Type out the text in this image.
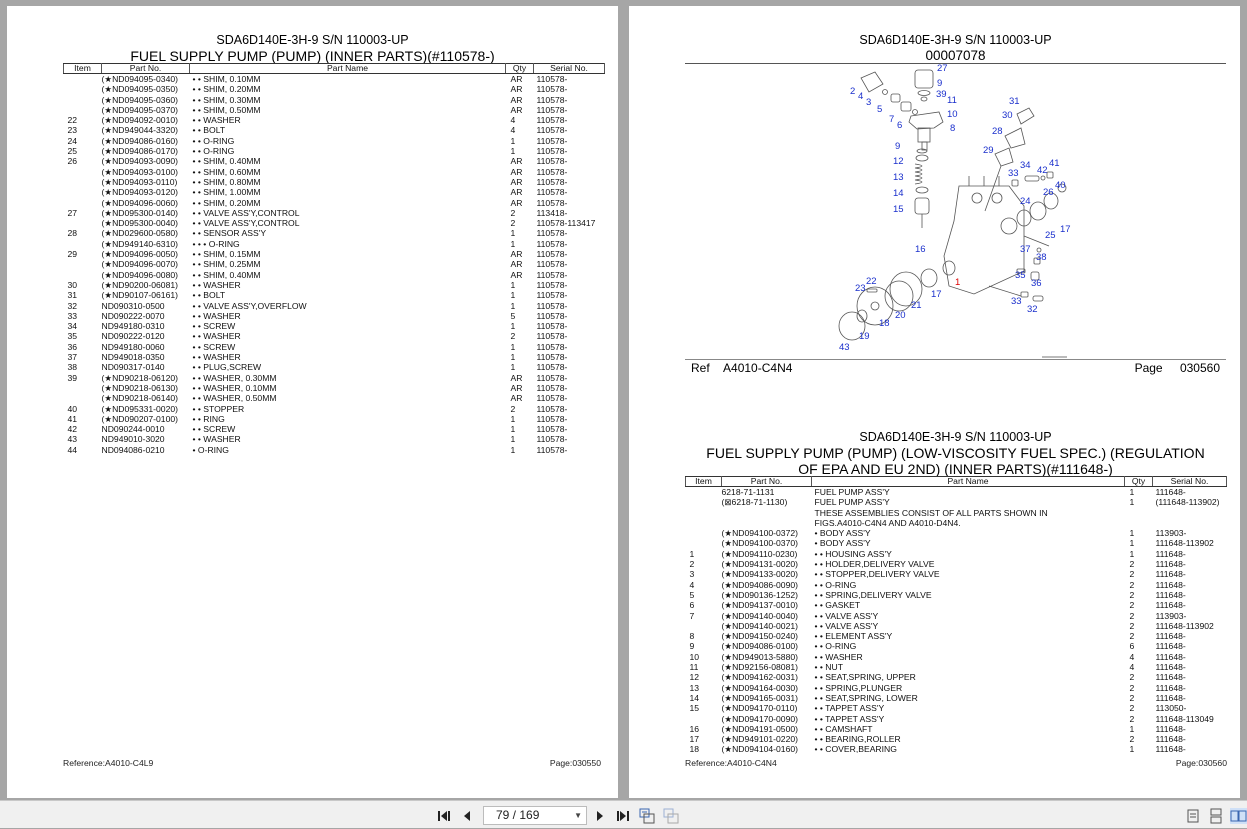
SDA6D140E-3H-9 S/N 110003-UP
FUEL SUPPLY PUMP (PUMP) (INNER PARTS)(#110578-)
Item	Part No.	Part Name	Qty	Serial No.
	(★ND094095-0340)	• • SHIM, 0.10MM	AR	110578-
	(★ND094095-0350)	• • SHIM, 0.20MM	AR	110578-
	(★ND094095-0360)	• • SHIM, 0.30MM	AR	110578-
	(★ND094095-0370)	• • SHIM, 0.50MM	AR	110578-
22	(★ND094092-0010)	• • WASHER	4	110578-
23	(★ND949044-3320)	• • BOLT	4	110578-
24	(★ND094086-0160)	• • O-RING	1	110578-
25	(★ND094086-0170)	• • O-RING	1	110578-
26	(★ND094093-0090)	• • SHIM, 0.40MM	AR	110578-
	(★ND094093-0100)	• • SHIM, 0.60MM	AR	110578-
	(★ND094093-0110)	• • SHIM, 0.80MM	AR	110578-
	(★ND094093-0120)	• • SHIM, 1.00MM	AR	110578-
	(★ND094096-0060)	• • SHIM, 0.20MM	AR	110578-
27	(★ND095300-0140)	• • VALVE ASS'Y,CONTROL	2	113418-
	(★ND095300-0040)	• • VALVE ASS'Y,CONTROL	2	110578-113417
28	(★ND029600-0580)	• • SENSOR ASS'Y	1	110578-
	(★ND949140-6310)	• • • O-RING	1	110578-
29	(★ND094096-0050)	• • SHIM, 0.15MM	AR	110578-
	(★ND094096-0070)	• • SHIM, 0.25MM	AR	110578-
	(★ND094096-0080)	• • SHIM, 0.40MM	AR	110578-
30	(★ND90200-06081)	• • WASHER	1	110578-
31	(★ND90107-06161)	• • BOLT	1	110578-
32	ND090310-0500	• • VALVE ASS'Y,OVERFLOW	1	110578-
33	ND090222-0070	• • WASHER	5	110578-
34	ND949180-0310	• • SCREW	1	110578-
35	ND090222-0120	• • WASHER	2	110578-
36	ND949180-0060	• • SCREW	1	110578-
37	ND949018-0350	• • WASHER	1	110578-
38	ND090317-0140	• • PLUG,SCREW	1	110578-
39	(★ND90218-06120)	• • WASHER, 0.30MM	AR	110578-
	(★ND90218-06130)	• • WASHER, 0.10MM	AR	110578-
	(★ND90218-06140)	• • WASHER, 0.50MM	AR	110578-
40	(★ND095331-0020)	• • STOPPER	2	110578-
41	(★ND090207-0100)	• • RING	1	110578-
42	ND090244-0010	• • SCREW	1	110578-
43	ND949010-3020	• • WASHER	1	110578-
44	ND094086-0210	• O-RING	1	110578-
Reference:A4010-C4L9	Page:030550
SDA6D140E-3H-9 S/N 110003-UP
00007078
27
2 4
9
3
39
11
5	10
7
6	8
31
30
28
9	29
12	34 41
33 42
13
40
26
14
24
15
17
25
16	37
38
1
35
22	36
23
17
33
21	32
20
18
19
43
Ref A4010-C4N4	Page 030560
SDA6D140E-3H-9 S/N 110003-UP
FUEL SUPPLY PUMP (PUMP) (LOW-VISCOSITY FUEL SPEC.) (REGULATION
OF EPA AND EU 2ND) (INNER PARTS)(#111648-)
Item	Part No.	Part Name	Qty	Serial No.
	6218-71-1131	FUEL PUMP ASS'Y	1	111648-
	(⊠6218-71-1130)	FUEL PUMP ASS'Y	1	(111648-113902)
		THESE ASSEMBLIES CONSIST OF ALL PARTS SHOWN IN		
		FIGS.A4010-C4N4 AND A4010-D4N4.		
	(★ND094100-0372)	• BODY ASS'Y	1	113903-
	(★ND094100-0370)	• BODY ASS'Y	1	111648-113902
1	(★ND094110-0230)	• • HOUSING ASS'Y	1	111648-
2	(★ND094131-0020)	• • HOLDER,DELIVERY VALVE	2	111648-
3	(★ND094133-0020)	• • STOPPER,DELIVERY VALVE	2	111648-
4	(★ND094086-0090)	• • O-RING	2	111648-
5	(★ND090136-1252)	• • SPRING,DELIVERY VALVE	2	111648-
6	(★ND094137-0010)	• • GASKET	2	111648-
7	(★ND094140-0040)	• • VALVE ASS'Y	2	113903-
	(★ND094140-0021)	• • VALVE ASS'Y	2	111648-113902
8	(★ND094150-0240)	• • ELEMENT ASS'Y	2	111648-
9	(★ND094086-0100)	• • O-RING	6	111648-
10	(★ND949013-5880)	• • WASHER	4	111648-
11	(★ND92156-08081)	• • NUT	4	111648-
12	(★ND094162-0031)	• • SEAT,SPRING, UPPER	2	111648-
13	(★ND094164-0030)	• • SPRING,PLUNGER	2	111648-
14	(★ND094165-0031)	• • SEAT,SPRING, LOWER	2	111648-
15	(★ND094170-0110)	• • TAPPET ASS'Y	2	113050-
	(★ND094170-0090)	• • TAPPET ASS'Y	2	111648-113049
16	(★ND094191-0500)	• • CAMSHAFT	1	111648-
17	(★ND949101-0220)	• • BEARING,ROLLER	2	111648-
18	(★ND094104-0160)	• • COVER,BEARING	1	111648-
Reference:A4010-C4N4	Page:030560
79 / 169	▼
